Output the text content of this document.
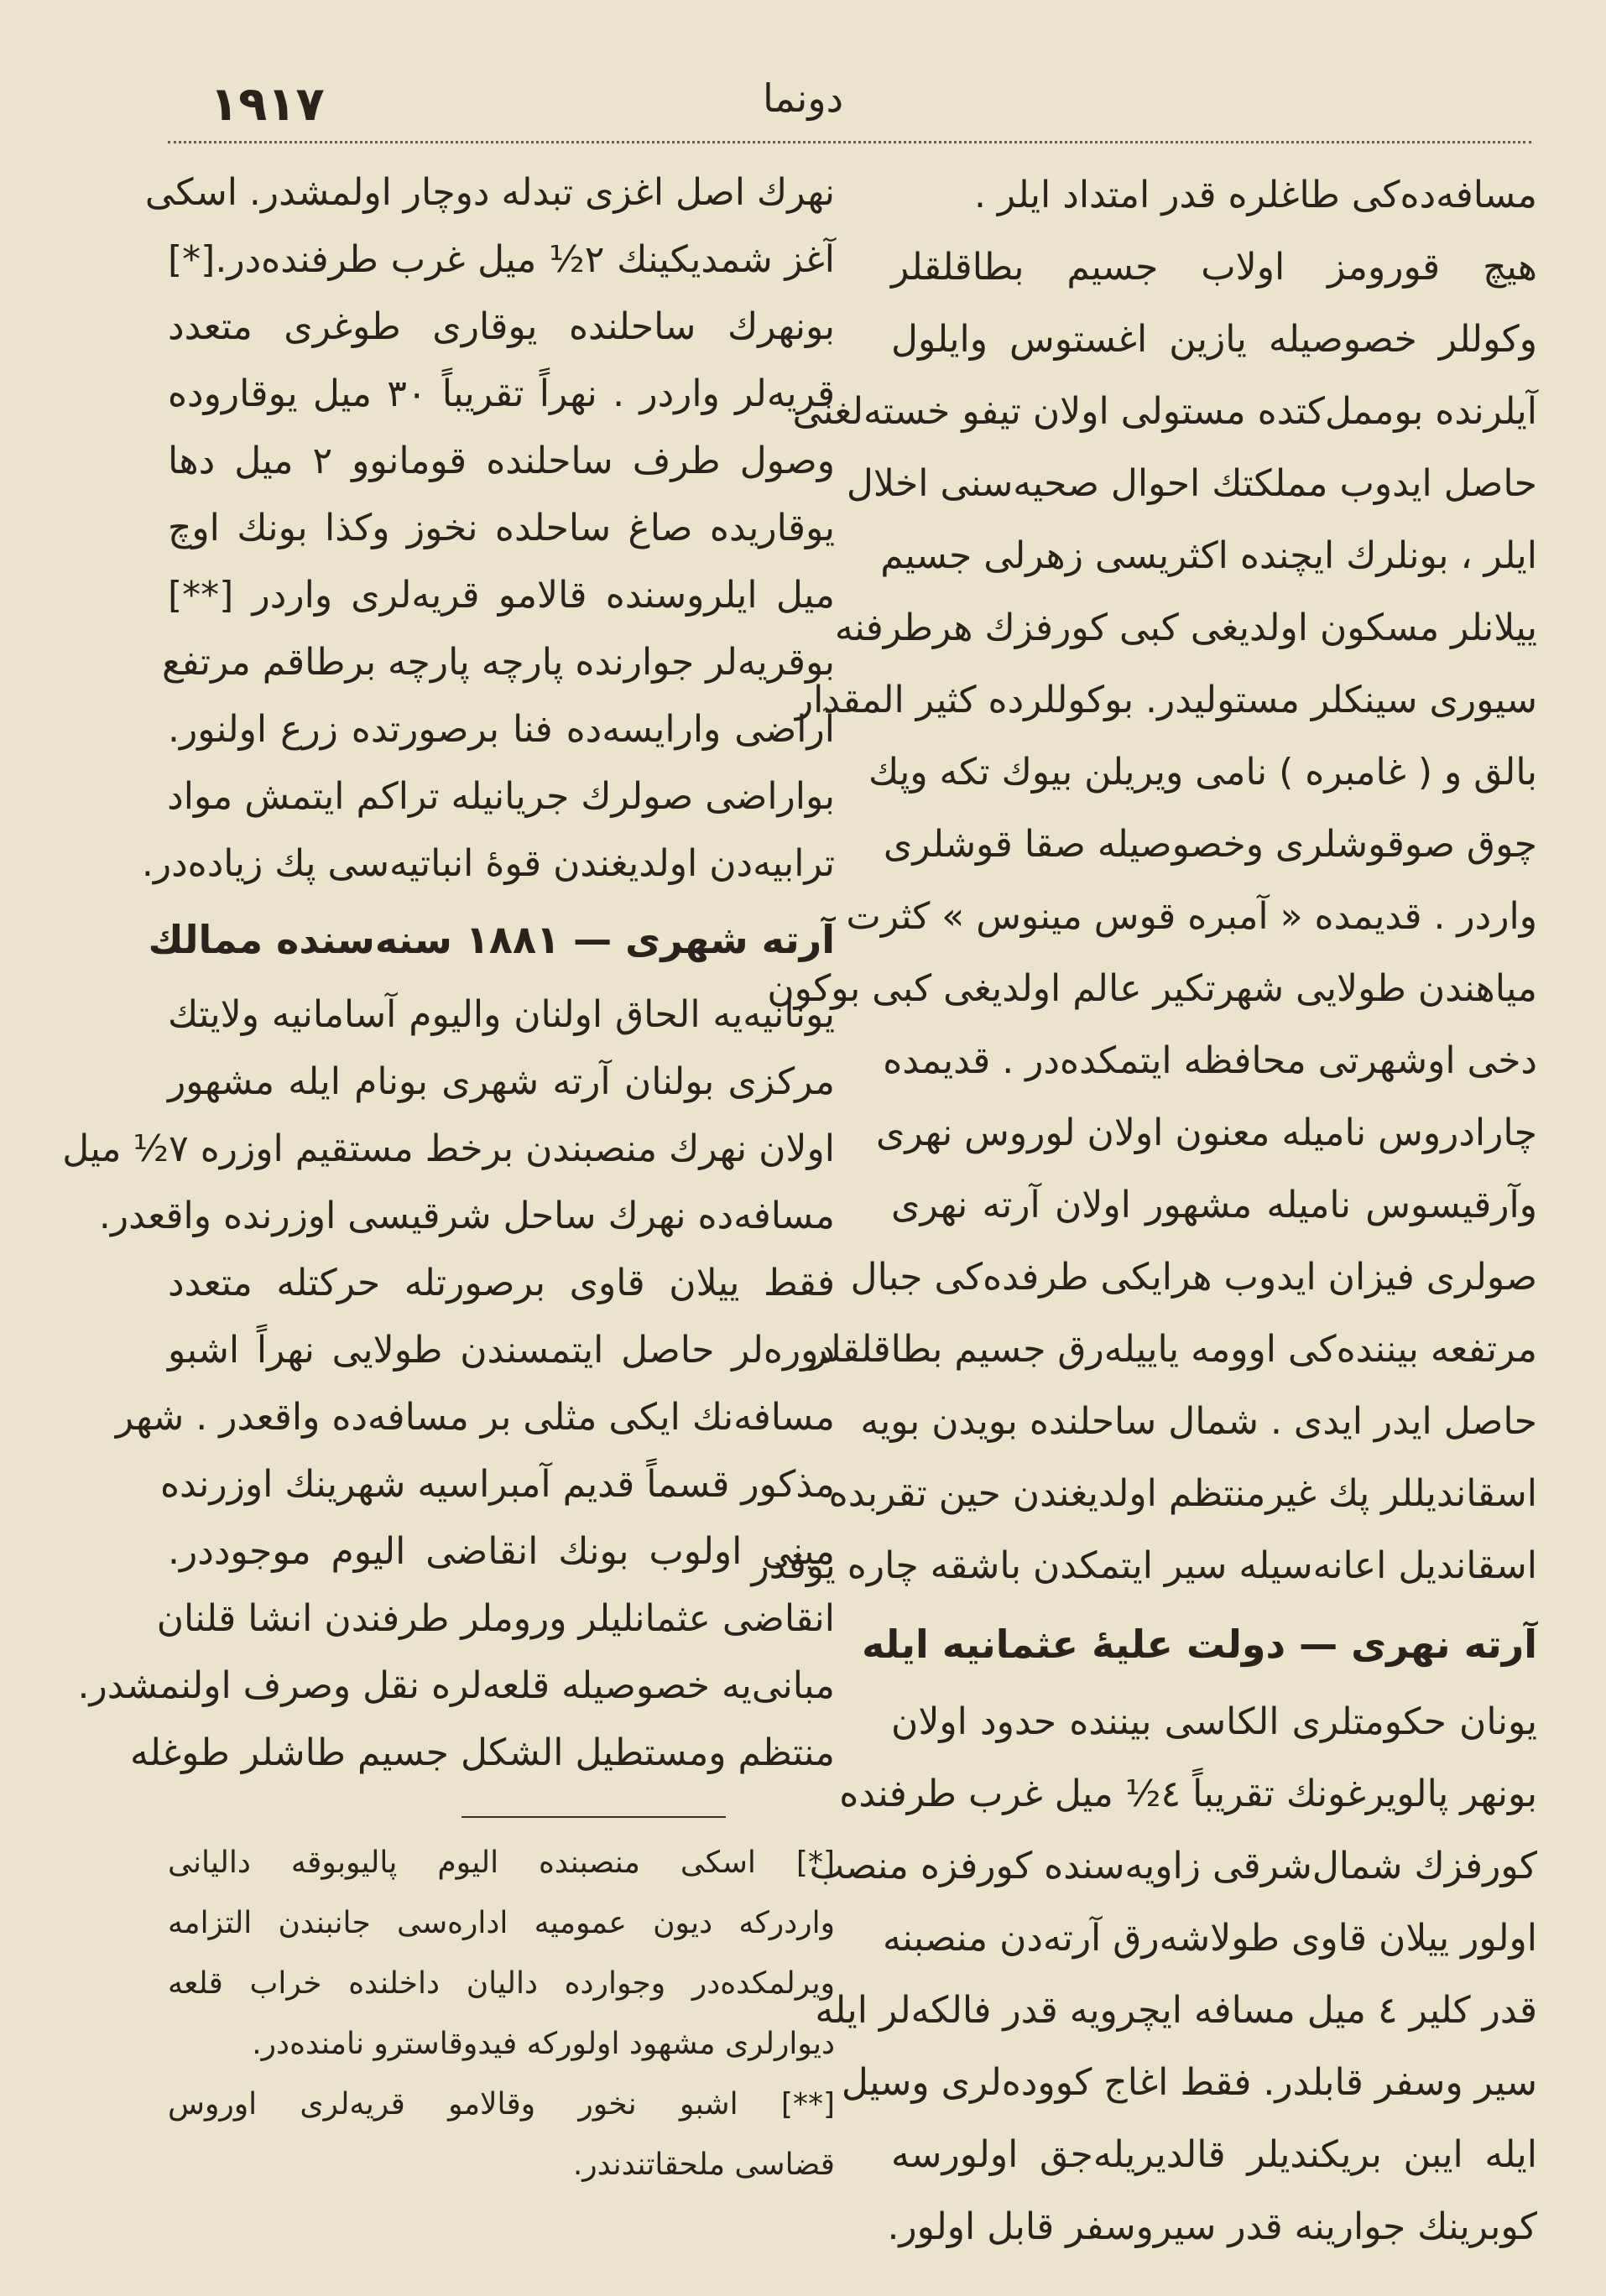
١٩١٧	دونما
مسافه‌ده‌كی طاغلره قدر امتداد ایلر .
هیچ قورومز اولاب جسیم بطاقلقلر
وكوللر خصوصیله یازین اغستوس وایلول
آیلرنده بوممل‌كتده مستولی اولان تیفو خسته‌لغنی
حاصل ایدوب مملكتك احوال صحیه‌سنی اخلال
ایلر ، بونلرك ایچنده اكثریسی زهرلی جسیم
ییلانلر مسكون اولدیغی كبی كورفزك هرطرفنه
سیوری سینكلر مستولیدر. بوكوللرده كثیر المقدار
بالق و ( غامبره ) نامی ویریلن بیوك تكه وپك
چوق صوقوشلری وخصوصیله صقا قوشلری
واردر . قدیمده « آمبره قوس مینوس » كثرت
میاهندن طولایی شهرتكیر عالم اولدیغی كبی بوكون
دخی اوشهرتی محافظه ایتمكده‌در . قدیمده
چارادروس نامیله معنون اولان لوروس نهری
وآرقیسوس نامیله مشهور اولان آرته نهری
صولری فیزان ایدوب هرایكی طرفده‌كی جبال
مرتفعه بیننده‌كی اوومه یاییله‌رق جسیم بطاقلقلر
حاصل ایدر ایدی . شمال ساحلنده بویدن بویه
اسقاندیللر پك غیرمنتظم اولدیغندن حین تقربده
اسقاندیل اعانه‌سیله سیر ایتمكدن باشقه چاره یوقدر
آرته نهری — دولت علیهٔ عثمانیه ایله
یونان حكومتلری الكاسی بیننده حدود اولان
بونهر پالویرغونك تقریباً ٤½ میل غرب طرفنده
كورفزك شمال‌شرقی زاویه‌سنده كورفزه منصب
اولور ییلان قاوی طولاشه‌رق آرته‌دن منصبنه
قدر كلیر ٤ میل مسافه ایچرویه قدر فالكه‌لر ایله
سیر وسفر قابلدر. فقط اغاج كووده‌لری وسیل
ایله ایبن بریكندیلر قالدیریله‌جق اولورسه
كوبرینك جوارینه قدر سیروسفر قابل اولور.
نهرك اصل اغزی تبدله دوچار اولمشدر. اسكی
آغز شمدیكینك ٢½ میل غرب طرفنده‌در.[*]
بونهرك ساحلنده یوقاری طوغری متعدد
قریه‌لر واردر . نهراً تقریباً ٣٠ میل یوقاروده
وصول طرف ساحلنده قومانوو ٢ میل دها
یوقاریده صاغ ساحلده نخوز وكذا بونك اوچ
میل ایلروسنده قالامو قریه‌لری واردر [**]
بوقریه‌لر جوارنده پارچه پارچه برطاقم مرتفع
آراضی وارایسه‌ده فنا برصورتده زرع اولنور.
بواراضی صولرك جریانیله تراكم ایتمش مواد
ترابیه‌دن اولدیغندن قوهٔ انباتیه‌سی پك زیاده‌در.
آرته شهری — ١٨٨١ سنه‌سنده ممالك
یونانیه‌یه الحاق اولنان والیوم آسامانیه ولایتك
مركزی بولنان آرته شهری بونام ایله مشهور
اولان نهرك منصبندن برخط مستقیم اوزره ٧½ میل
مسافه‌ده نهرك ساحل شرقیسی اوزرنده واقعدر.
فقط ییلان قاوی برصورتله حركتله متعدد
دوره‌لر حاصل ایتمسندن طولایی نهراً اشبو
مسافه‌نك ایكی مثلی بر مسافه‌ده واقعدر . شهر
مذكور قسماً قدیم آمبراسیه شهرینك اوزرنده
مبنی اولوب بونك انقاضی الیوم موجوددر.
انقاضی عثمانلیلر وروملر طرفندن انشا قلنان
مبانی‌یه خصوصیله قلعه‌لره نقل وصرف اولنمشدر.
منتظم ومستطیل الشكل جسیم طاشلر طوغله
[*] اسكی منصبنده الیوم پالیوبوقه دالیانی
واردركه دیون عمومیه اداره‌سی جانبندن التزامه
ویرلمكده‌در وجوارده دالیان داخلنده خراب قلعه
دیوارلری مشهود اولوركه فیدوقاسترو نامنده‌در.
[**] اشبو نخور وقالامو قریه‌لری اوروس
قضاسی ملحقاتندندر.
